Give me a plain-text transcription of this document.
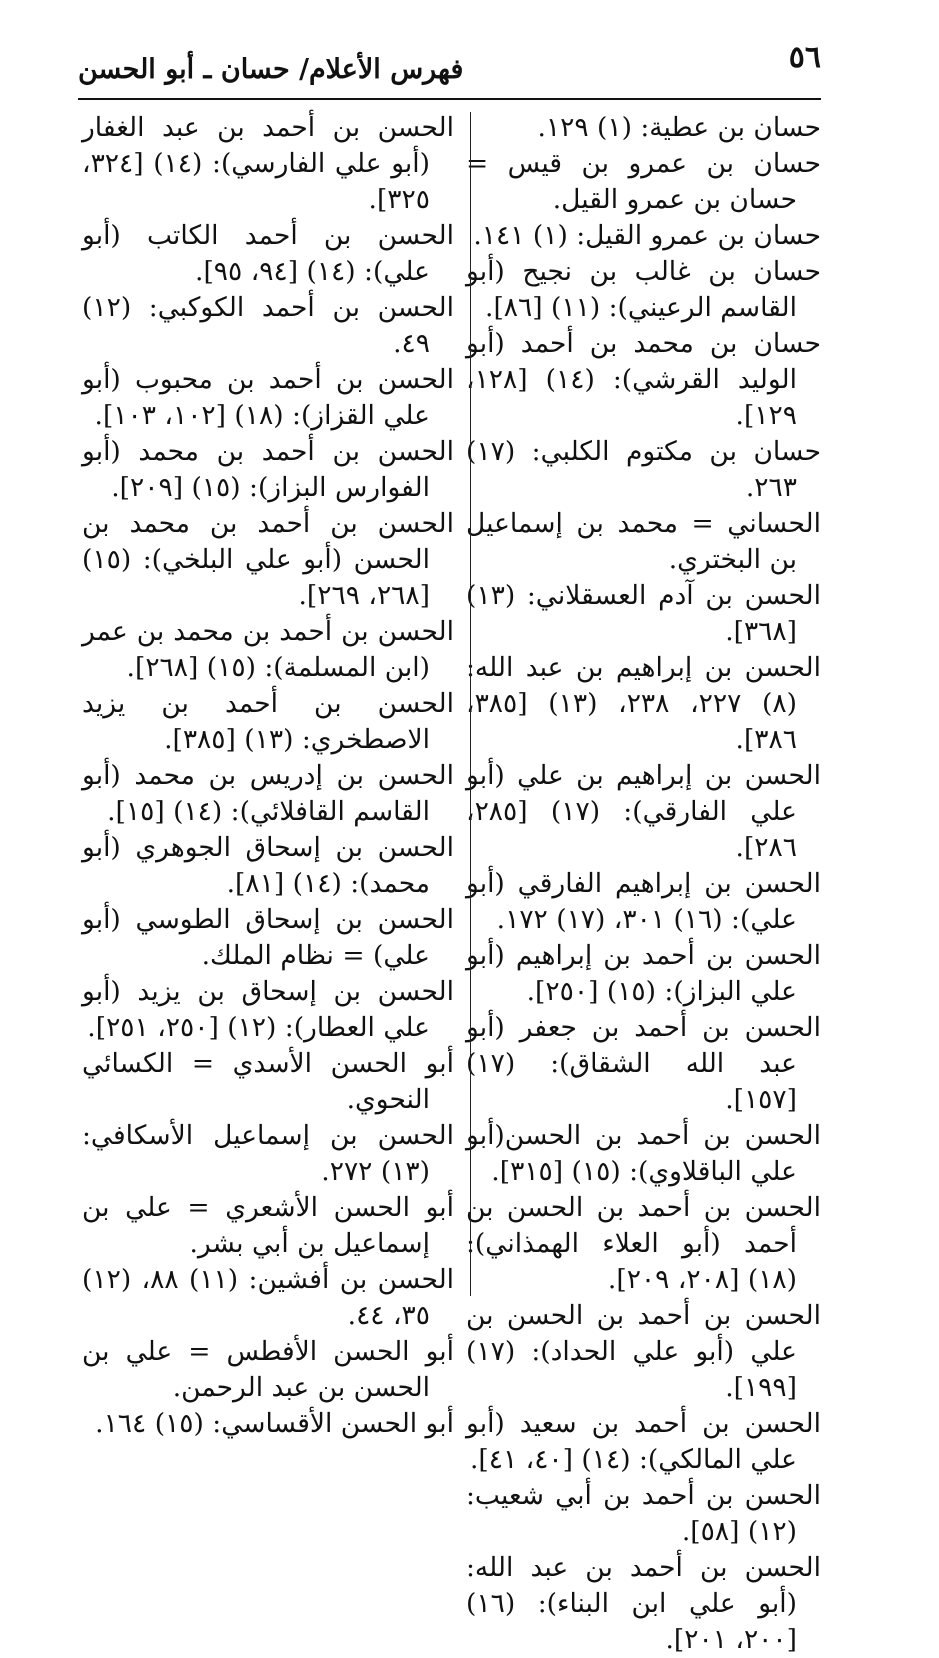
٥٦
فهرس الأعلام/ حسان ـ أبو الحسن

حسان بن عطية: (١) ١٢٩.

حسان بن عمرو بن قيس = حسان بن عمرو القيل.

حسان بن عمرو القيل: (١) ١٤١.

حسان بن غالب بن نجيح (أبو القاسم الرعيني): (١١) [٨٦].

حسان بن محمد بن أحمد (أبو الوليد القرشي): (١٤) [١٢٨، ١٢٩].

حسان بن مكتوم الكلبي: (١٧) ٢٦٣.

الحساني = محمد بن إسماعيل بن البختري.

الحسن بن آدم العسقلاني: (١٣) [٣٦٨].

الحسن بن إبراهيم بن عبد الله: (٨) ٢٢٧، ٢٣٨، (١٣) [٣٨٥، ٣٨٦].

الحسن بن إبراهيم بن علي (أبو علي الفارقي): (١٧) [٢٨٥، ٢٨٦].

الحسن بن إبراهيم الفارقي (أبو علي): (١٦) ٣٠١، (١٧) ١٧٢.

الحسن بن أحمد بن إبراهيم (أبو علي البزاز): (١٥) [٢٥٠].

الحسن بن أحمد بن جعفر (أبو عبد الله الشقاق): (١٧) [١٥٧].

الحسن بن أحمد بن الحسن(أبو علي الباقلاوي): (١٥) [٣١٥].

الحسن بن أحمد بن الحسن بن أحمد (أبو العلاء الهمذاني): (١٨) [٢٠٨، ٢٠٩].

الحسن بن أحمد بن الحسن بن علي (أبو علي الحداد): (١٧) [١٩٩].

الحسن بن أحمد بن سعيد (أبو علي المالكي): (١٤) [٤٠، ٤١].

الحسن بن أحمد بن أبي شعيب: (١٢) [٥٨].

الحسن بن أحمد بن عبد الله: (أبو علي ابن البناء): (١٦) [٢٠٠، ٢٠١].

الحسن بن أحمد بن عبد الغفار (أبو علي الفارسي): (١٤) [٣٢٤، ٣٢٥].

الحسن بن أحمد الكاتب (أبو علي): (١٤) [٩٤، ٩٥].

الحسن بن أحمد الكوكبي: (١٢) ٤٩.

الحسن بن أحمد بن محبوب (أبو علي القزاز): (١٨) [١٠٢، ١٠٣].

الحسن بن أحمد بن محمد (أبو الفوارس البزاز): (١٥) [٢٠٩].

الحسن بن أحمد بن محمد بن الحسن (أبو علي البلخي): (١٥) [٢٦٨، ٢٦٩].

الحسن بن أحمد بن محمد بن عمر (ابن المسلمة): (١٥) [٢٦٨].

الحسن بن أحمد بن يزيد الاصطخري: (١٣) [٣٨٥].

الحسن بن إدريس بن محمد (أبو القاسم القافلائي): (١٤) [١٥].

الحسن بن إسحاق الجوهري (أبو محمد): (١٤) [٨١].

الحسن بن إسحاق الطوسي (أبو علي) = نظام الملك.

الحسن بن إسحاق بن يزيد (أبو علي العطار): (١٢) [٢٥٠، ٢٥١].

أبو الحسن الأسدي = الكسائي النحوي.

الحسن بن إسماعيل الأسكافي: (١٣) ٢٧٢.

أبو الحسن الأشعري = علي بن إسماعيل بن أبي بشر.

الحسن بن أفشين: (١١) ٨٨، (١٢) ٣٥، ٤٤.

أبو الحسن الأفطس = علي بن الحسن بن عبد الرحمن.

أبو الحسن الأقساسي: (١٥) ١٦٤.
